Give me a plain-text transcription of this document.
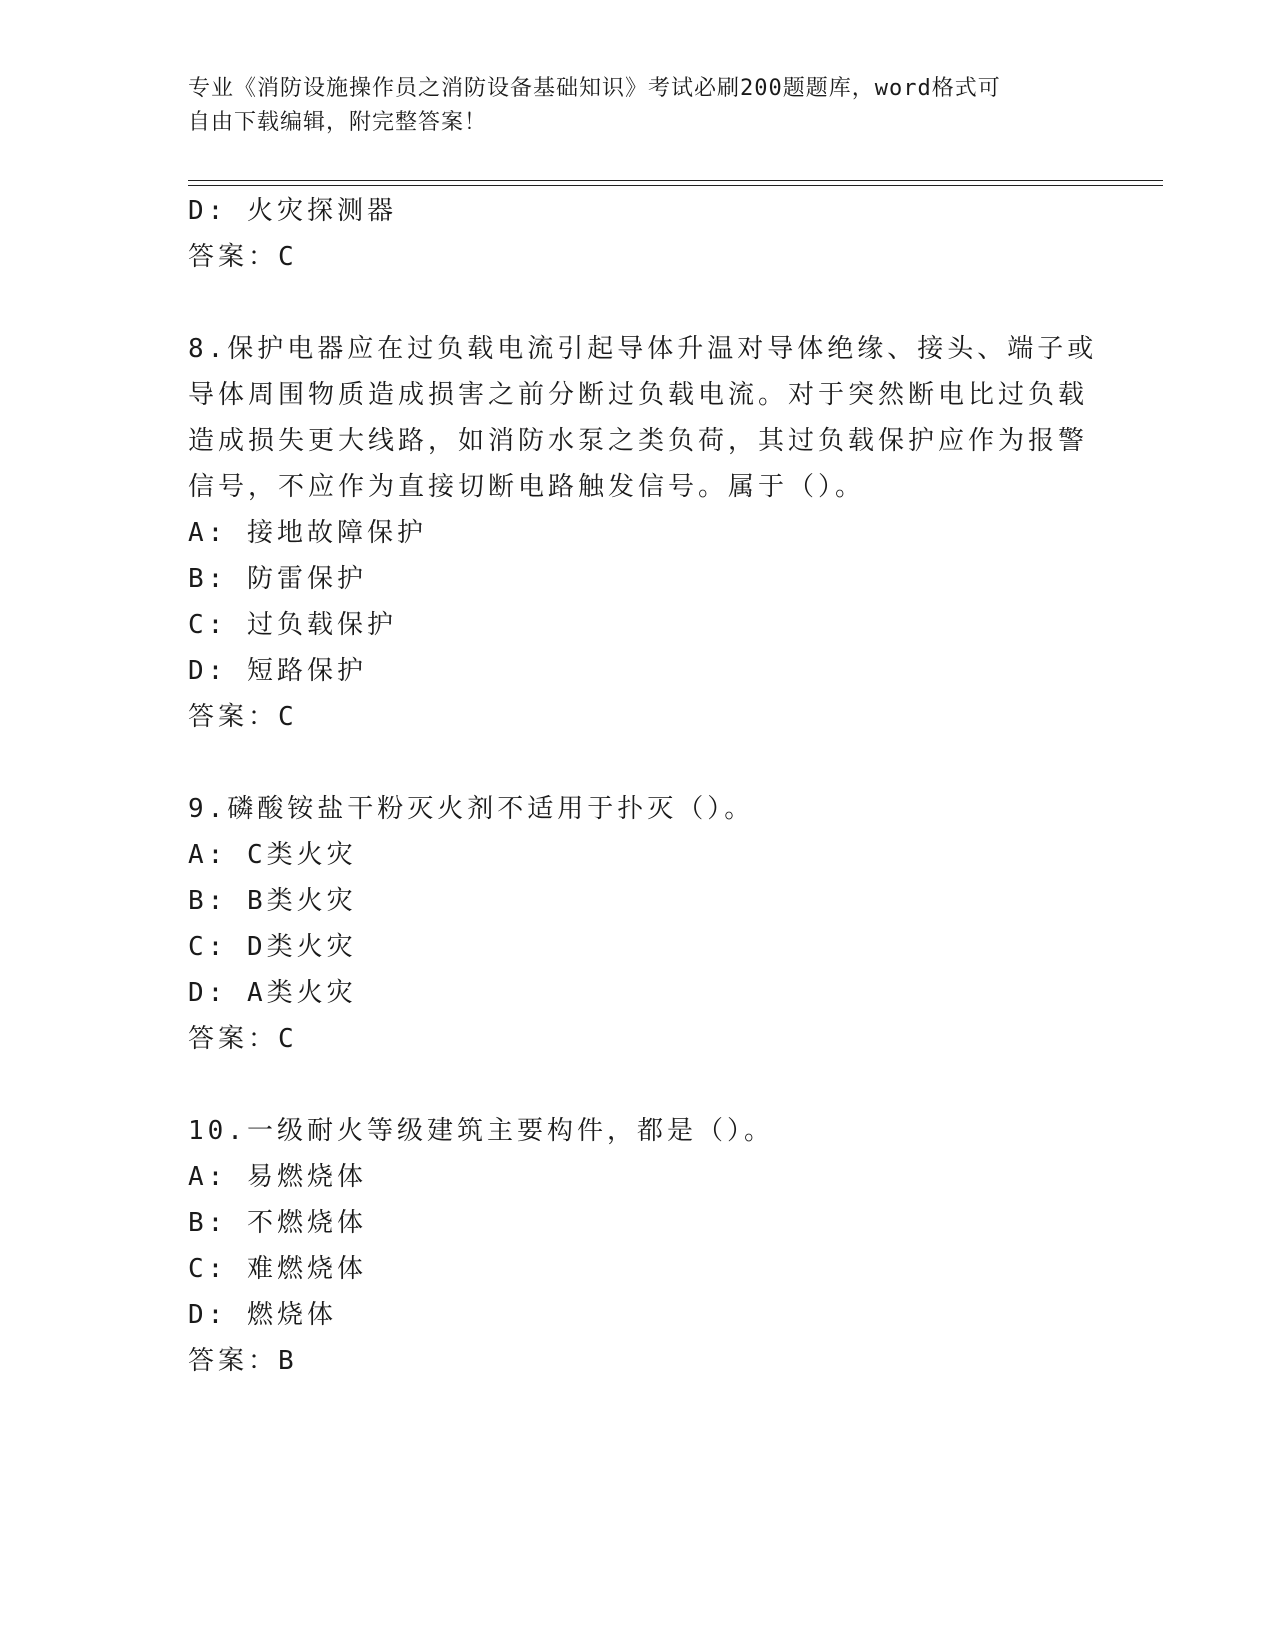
专业《消防设施操作员之消防设备基础知识》考试必刷200题题库，word格式可
自由下载编辑，附完整答案！
D: 火灾探测器
答案：C
8.保护电器应在过负载电流引起导体升温对导体绝缘、接头、端子或
导体周围物质造成损害之前分断过负载电流。对于突然断电比过负载
造成损失更大线路，如消防水泵之类负荷，其过负载保护应作为报警
信号，不应作为直接切断电路触发信号。属于（）。
A: 接地故障保护
B: 防雷保护
C: 过负载保护
D: 短路保护
答案：C
9.磷酸铵盐干粉灭火剂不适用于扑灭（）。
A: C类火灾
B: B类火灾
C: D类火灾
D: A类火灾
答案：C
10.一级耐火等级建筑主要构件，都是（）。
A: 易燃烧体
B: 不燃烧体
C: 难燃烧体
D: 燃烧体
答案：B
